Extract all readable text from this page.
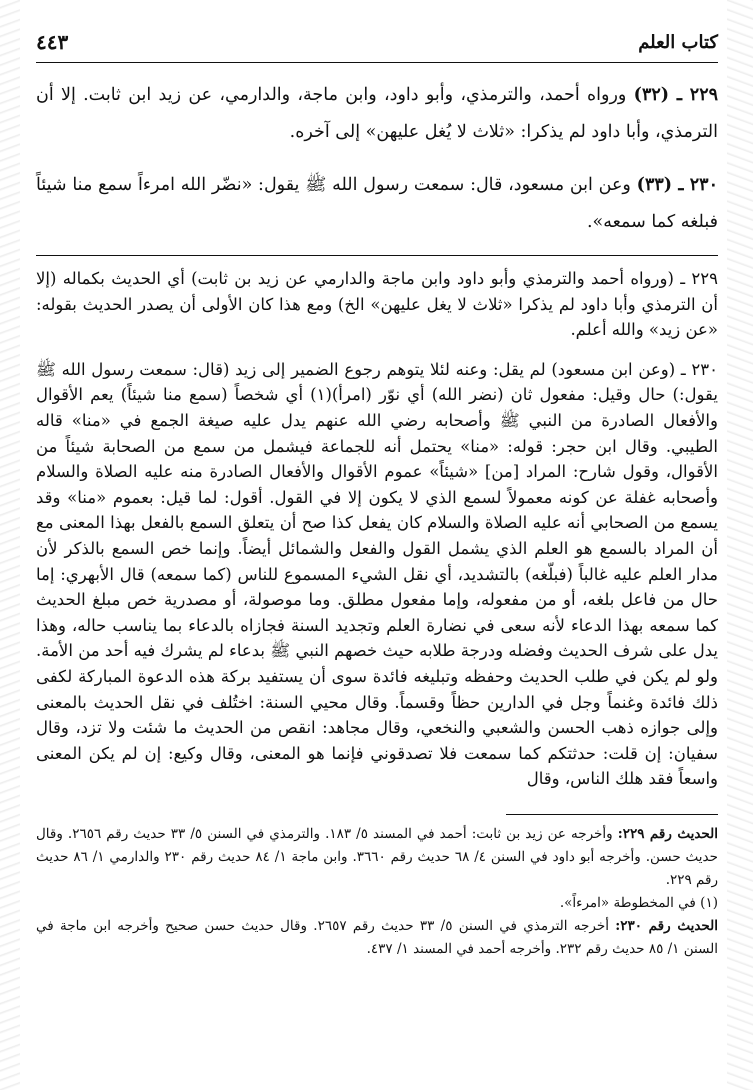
كتاب العلم
٤٤٣

٢٢٩ ـ (٣٢) ورواه أحمد، والترمذي، وأبو داود، وابن ماجة، والدارمي، عن زيد ابن ثابت. إلا أن الترمذي، وأبا داود لم يذكرا: «ثلاث لا يُغل عليهن» إلى آخره.

٢٣٠ ـ (٣٣) وعن ابن مسعود، قال: سمعت رسول الله ﷺ يقول: «نضّر الله امرءاً سمع منا شيئاً فبلغه كما سمعه».

٢٢٩ ـ (ورواه أحمد والترمذي وأبو داود وابن ماجة والدارمي عن زيد بن ثابت) أي الحديث بكماله (إلا أن الترمذي وأبا داود لم يذكرا «ثلاث لا يغل عليهن» الخ) ومع هذا كان الأولى أن يصدر الحديث بقوله: «عن زيد» والله أعلم.

٢٣٠ ـ (وعن ابن مسعود) لم يقل: وعنه لئلا يتوهم رجوع الضمير إلى زيد (قال: سمعت رسول الله ﷺ يقول:) حال وقيل: مفعول ثان (نضر الله) أي نوّر (امرأ)(١) أي شخصاً (سمع منا شيئاً) يعم الأقوال والأفعال الصادرة من النبي ﷺ وأصحابه رضي الله عنهم يدل عليه صيغة الجمع في «منا» قاله الطيبي. وقال ابن حجر: قوله: «منا» يحتمل أنه للجماعة فيشمل من سمع من الصحابة شيئاً من الأقوال، وقول شارح: المراد [من] «شيئاً» عموم الأقوال والأفعال الصادرة منه عليه الصلاة والسلام وأصحابه غفلة عن كونه معمولاً لسمع الذي لا يكون إلا في القول. أقول: لما قيل: بعموم «منا» وقد يسمع من الصحابي أنه عليه الصلاة والسلام كان يفعل كذا صح أن يتعلق السمع بالفعل بهذا المعنى مع أن المراد بالسمع هو العلم الذي يشمل القول والفعل والشمائل أيضاً. وإنما خص السمع بالذكر لأن مدار العلم عليه غالباً (فبلّغه) بالتشديد، أي نقل الشيء المسموع للناس (كما سمعه) قال الأبهري: إما حال من فاعل بلغه، أو من مفعوله، وإما مفعول مطلق. وما موصولة، أو مصدرية خص مبلغ الحديث كما سمعه بهذا الدعاء لأنه سعى في نضارة العلم وتجديد السنة فجازاه بالدعاء بما يناسب حاله، وهذا يدل على شرف الحديث وفضله ودرجة طلابه حيث خصهم النبي ﷺ بدعاء لم يشرك فيه أحد من الأمة. ولو لم يكن في طلب الحديث وحفظه وتبليغه فائدة سوى أن يستفيد بركة هذه الدعوة المباركة لكفى ذلك فائدة وغنماً وجل في الدارين حظاً وقسماً. وقال محيي السنة: اختُلف في نقل الحديث بالمعنى وإلى جوازه ذهب الحسن والشعبي والنخعي، وقال مجاهد: انقص من الحديث ما شئت ولا تزد، وقال سفيان: إن قلت: حدثتكم كما سمعت فلا تصدقوني فإنما هو المعنى، وقال وكيع: إن لم يكن المعنى واسعاً فقد هلك الناس، وقال

الحديث رقم ٢٢٩: وأخرجه عن زيد بن ثابت: أحمد في المسند ٥/ ١٨٣. والترمذي في السنن ٥/ ٣٣ حديث رقم ٢٦٥٦. وقال حديث حسن. وأخرجه أبو داود في السنن ٤/ ٦٨ حديث رقم ٣٦٦٠. وابن ماجة ١/ ٨٤ حديث رقم ٢٣٠ والدارمي ١/ ٨٦ حديث رقم ٢٢٩.

(١) في المخطوطة «امرءاً».

الحديث رقم ٢٣٠: أخرجه الترمذي في السنن ٥/ ٣٣ حديث رقم ٢٦٥٧. وقال حديث حسن صحيح وأخرجه ابن ماجة في السنن ١/ ٨٥ حديث رقم ٢٣٢. وأخرجه أحمد في المسند ١/ ٤٣٧.
